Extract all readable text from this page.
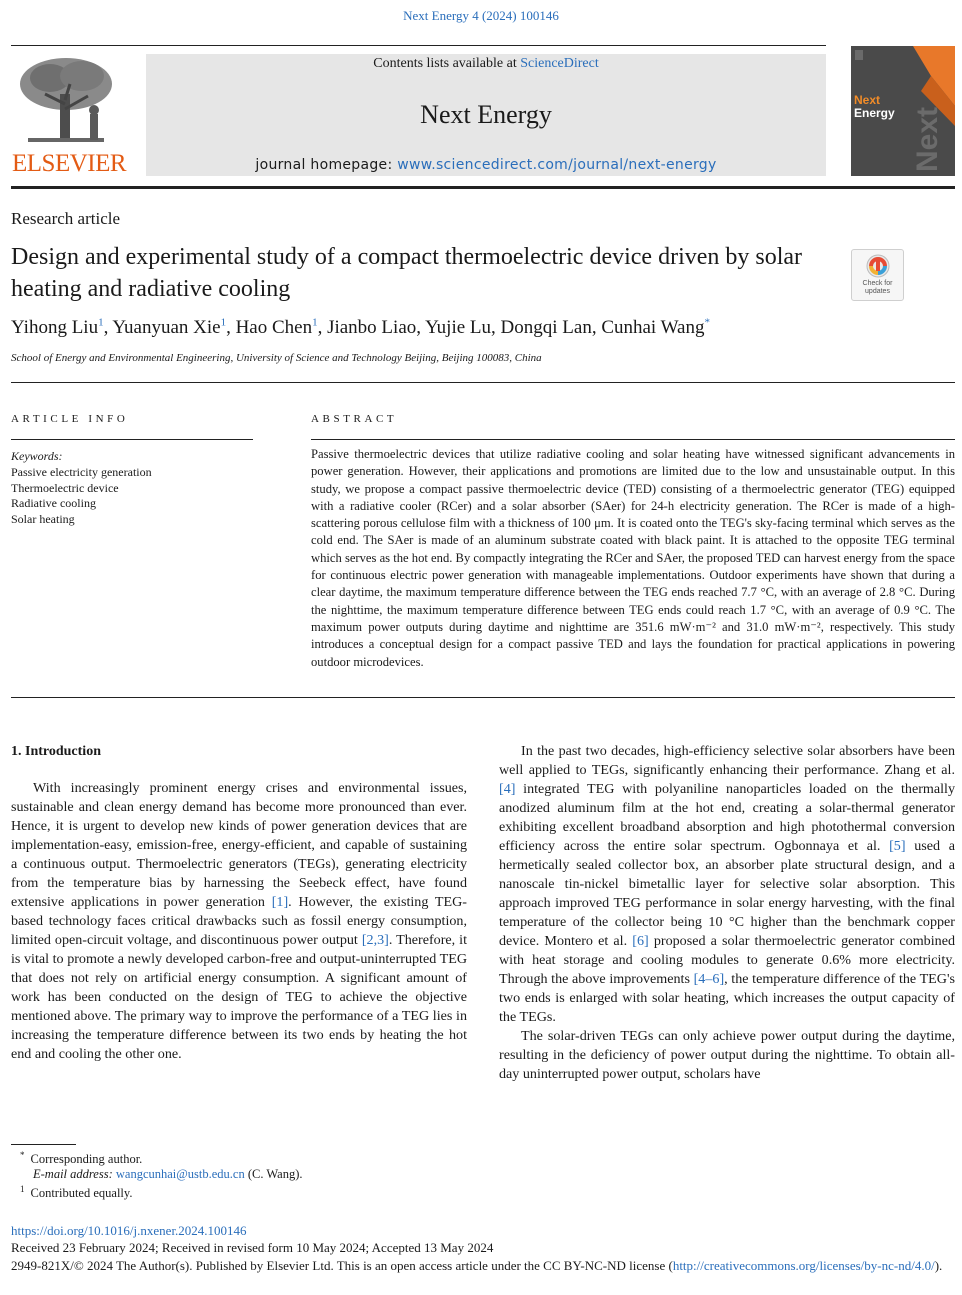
Next Energy 4 (2024) 100146
ELSEVIER
Contents lists available at ScienceDirect
Next Energy
journal homepage: www.sciencedirect.com/journal/next-energy
Next
Energy Next
Research article
Design and experimental study of a compact thermoelectric device driven by solar heating and radiative cooling	Check for updates
Yihong Liu$^1$, Yuanyuan Xie$^1$, Hao Chen$^1$, Jianbo Liao, Yujie Lu, Dongqi Lan, Cunhai Wang*
School of Energy and Environmental Engineering, University of Science and Technology Beijing, Beijing 100083, China
ARTICLE INFO
Keywords:
Passive electricity generation
Thermoelectric device
Radiative cooling
Solar heating
ABSTRACT
Passive thermoelectric devices that utilize radiative cooling and solar heating have witnessed significant advancements in power generation. However, their applications and promotions are limited due to the low and unsustainable output. In this study, we propose a compact passive thermoelectric device (TED) consisting of a thermoelectric generator (TEG) equipped with a radiative cooler (RCer) and a solar absorber (SAer) for 24-h electricity generation. The RCer is made of a high-scattering porous cellulose film with a thickness of 100 μm. It is coated onto the TEG's sky-facing terminal which serves as the cold end. The SAer is made of an aluminum substrate coated with black paint. It is attached to the opposite TEG terminal which serves as the hot end. By compactly integrating the RCer and SAer, the proposed TED can harvest energy from the space for continuous electric power generation with manageable implementations. Outdoor experiments have shown that during a clear daytime, the maximum temperature difference between the TEG ends reached 7.7 °C, with an average of 2.8 °C. During the nighttime, the maximum temperature difference between TEG ends could reach 1.7 °C, with an average of 0.9 °C. The maximum power outputs during daytime and nighttime are 351.6 mW·m⁻² and 31.0 mW·m⁻², respectively. This study introduces a conceptual design for a compact passive TED and lays the foundation for practical applications in powering outdoor microdevices.
1. Introduction
With increasingly prominent energy crises and environmental issues, sustainable and clean energy demand has become more pronounced than ever. Hence, it is urgent to develop new kinds of power generation devices that are implementation-easy, emission-free, energy-efficient, and capable of sustaining a continuous output. Thermoelectric generators (TEGs), generating electricity from the temperature bias by harnessing the Seebeck effect, have found extensive applications in power generation [1]. However, the existing TEG-based technology faces critical drawbacks such as fossil energy consumption, limited open-circuit voltage, and discontinuous power output [2,3]. Therefore, it is vital to promote a newly developed carbon-free and output-uninterrupted TEG that does not rely on artificial energy consumption. A significant amount of work has been conducted on the design of TEG to achieve the objective mentioned above. The primary way to improve the performance of a TEG lies in increasing the temperature difference between its two ends by heating the hot end and cooling the other one.

In the past two decades, high-efficiency selective solar absorbers have been well applied to TEGs, significantly enhancing their performance. Zhang et al. [4] integrated TEG with polyaniline nanoparticles loaded on the thermally anodized aluminum film at the hot end, creating a solar-thermal generator exhibiting excellent broadband absorption and high photothermal conversion efficiency across the entire solar spectrum. Ogbonnaya et al. [5] used a hermetically sealed collector box, an absorber plate structural design, and a nanoscale tin-nickel bimetallic layer for selective solar absorption. This approach improved TEG performance in solar energy harvesting, with the final temperature of the collector being 10 °C higher than the benchmark copper device. Montero et al. [6] proposed a solar thermoelectric generator combined with heat storage and cooling modules to generate 0.6% more electricity. Through the above improvements [4–6], the temperature difference of the TEG's two ends is enlarged with solar heating, which increases the output capacity of the TEGs.

The solar-driven TEGs can only achieve power output during the daytime, resulting in the deficiency of power output during the nighttime. To obtain all-day uninterrupted power output, scholars have

* Corresponding author.
E-mail address: wangcunhai@ustb.edu.cn (C. Wang).
$^1$ Contributed equally.
https://doi.org/10.1016/j.nxener.2024.100146
Received 23 February 2024; Received in revised form 10 May 2024; Accepted 13 May 2024
2949-821X/© 2024 The Author(s). Published by Elsevier Ltd. This is an open access article under the CC BY-NC-ND license (http://creativecommons.org/licenses/by-nc-nd/4.0/).
